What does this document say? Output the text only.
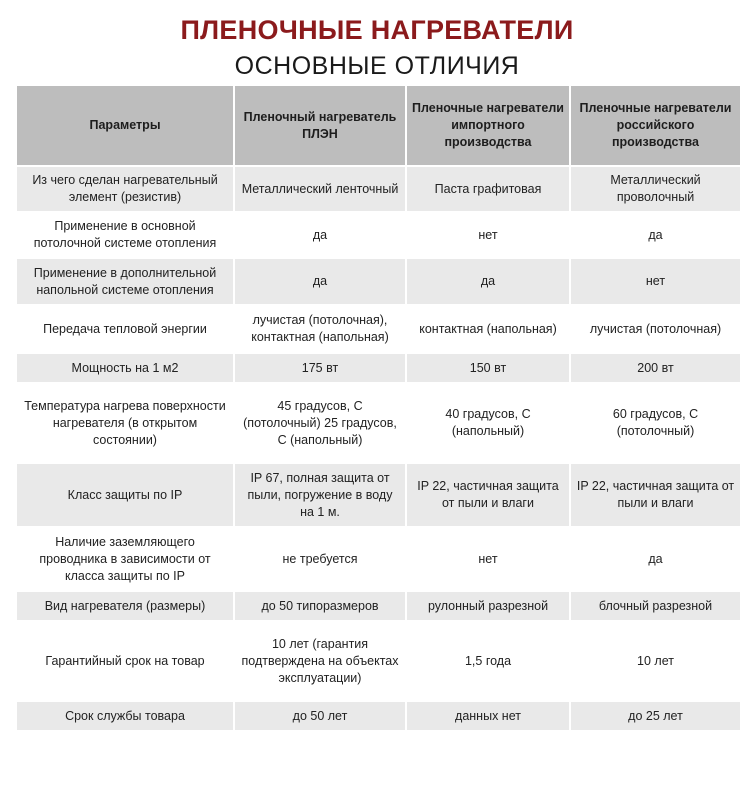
ПЛЕНОЧНЫЕ НАГРЕВАТЕЛИ
ОСНОВНЫЕ ОТЛИЧИЯ
Параметры	Пленочный нагреватель ПЛЭН	Пленочные нагреватели импортного производства	Пленочные нагреватели российского производства
Из чего сделан нагревательный элемент (резистив)	Металлический ленточный	Паста графитовая	Металлический проволочный
Применение в основной потолочной системе отопления	да	нет	да
Применение в дополнительной напольной системе отопления	да	да	нет
Передача тепловой энергии	лучистая (потолочная), контактная (напольная)	контактная (напольная)	лучистая (потолочная)
Мощность на 1 м2	175 вт	150 вт	200 вт
Температура нагрева поверхности нагревателя (в открытом состоянии)	45 градусов, С (потолочный) 25 градусов, С (напольный)	40 градусов, С (напольный)	60 градусов, С (потолочный)
Класс защиты по IP	IP 67, полная защита от пыли, погружение в воду на 1 м.	IP 22, частичная защита от пыли и влаги	IP 22, частичная защита от пыли и влаги
Наличие заземляющего проводника в зависимости от класса защиты по IP	не требуется	нет	да
Вид нагревателя (размеры)	до 50 типоразмеров	рулонный разрезной	блочный разрезной
Гарантийный срок на товар	10 лет (гарантия подтверждена на объектах эксплуатации)	1,5 года	10 лет
Срок службы товара	до 50 лет	данных нет	до 25 лет
